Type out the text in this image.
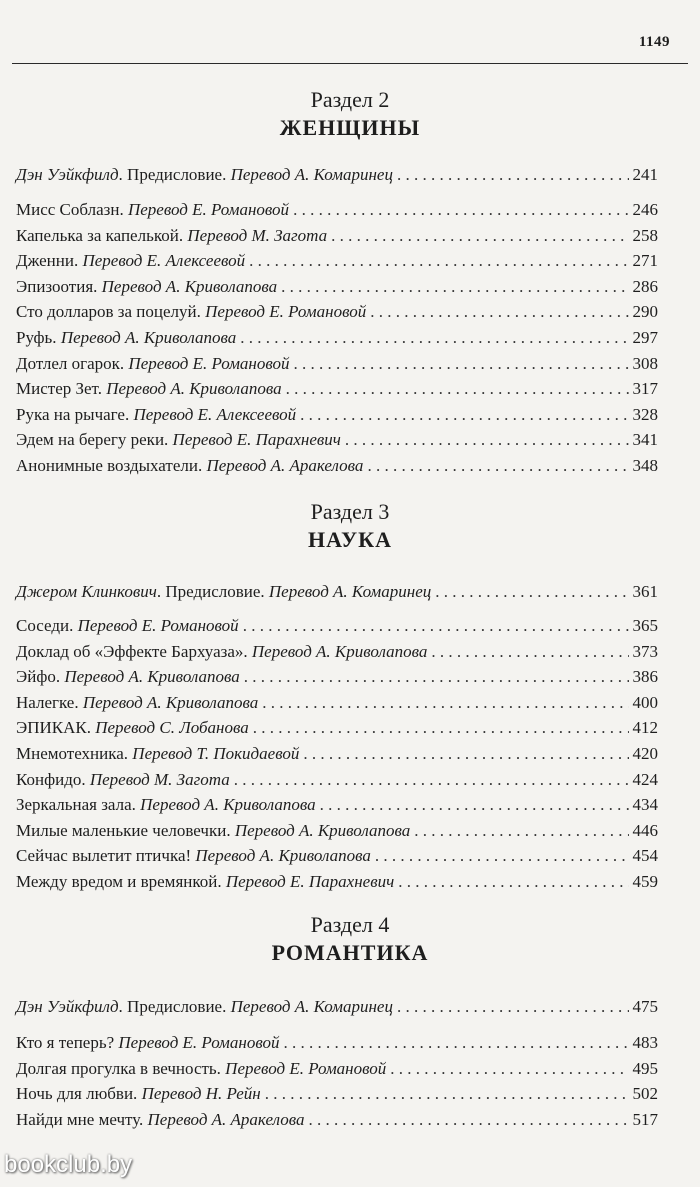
1149
Раздел 2
ЖЕНЩИНЫ
Дэн Уэйкфилд. Предисловие. Перевод А. Комаринец . . .	241
Мисс Соблазн. Перевод Е. Романовой . . .	246
Капелька за капелькой. Перевод М. Загота . . .	258
Дженни. Перевод Е. Алексеевой . . .	271
Эпизоотия. Перевод А. Криволапова . . .	286
Сто долларов за поцелуй. Перевод Е. Романовой . . .	290
Руфь. Перевод А. Криволапова . . .	297
Дотлел огарок. Перевод Е. Романовой . . .	308
Мистер Зет. Перевод А. Криволапова . . .	317
Рука на рычаге. Перевод Е. Алексеевой . . .	328
Эдем на берегу реки. Перевод Е. Парахневич . . .	341
Анонимные воздыхатели. Перевод А. Аракелова . . .	348
Раздел 3
НАУКА
Джером Клинкович. Предисловие. Перевод А. Комаринец . . .	361
Соседи. Перевод Е. Романовой . . .	365
Доклад об «Эффекте Бархуаза». Перевод А. Криволапова . . .	373
Эйфо. Перевод А. Криволапова . . .	386
Налегке. Перевод А. Криволапова . . .	400
ЭПИКАК. Перевод С. Лобанова . . .	412
Мнемотехника. Перевод Т. Покидаевой . . .	420
Конфидо. Перевод М. Загота . . .	424
Зеркальная зала. Перевод А. Криволапова . . .	434
Милые маленькие человечки. Перевод А. Криволапова . . .	446
Сейчас вылетит птичка! Перевод А. Криволапова . . .	454
Между вредом и времянкой. Перевод Е. Парахневич . . .	459
Раздел 4
РОМАНТИКА
Дэн Уэйкфилд. Предисловие. Перевод А. Комаринец . . .	475
Кто я теперь? Перевод Е. Романовой . . .	483
Долгая прогулка в вечность. Перевод Е. Романовой . . .	495
Ночь для любви. Перевод Н. Рейн . . .	502
Найди мне мечту. Перевод А. Аракелова . . .	517
bookclub.by
